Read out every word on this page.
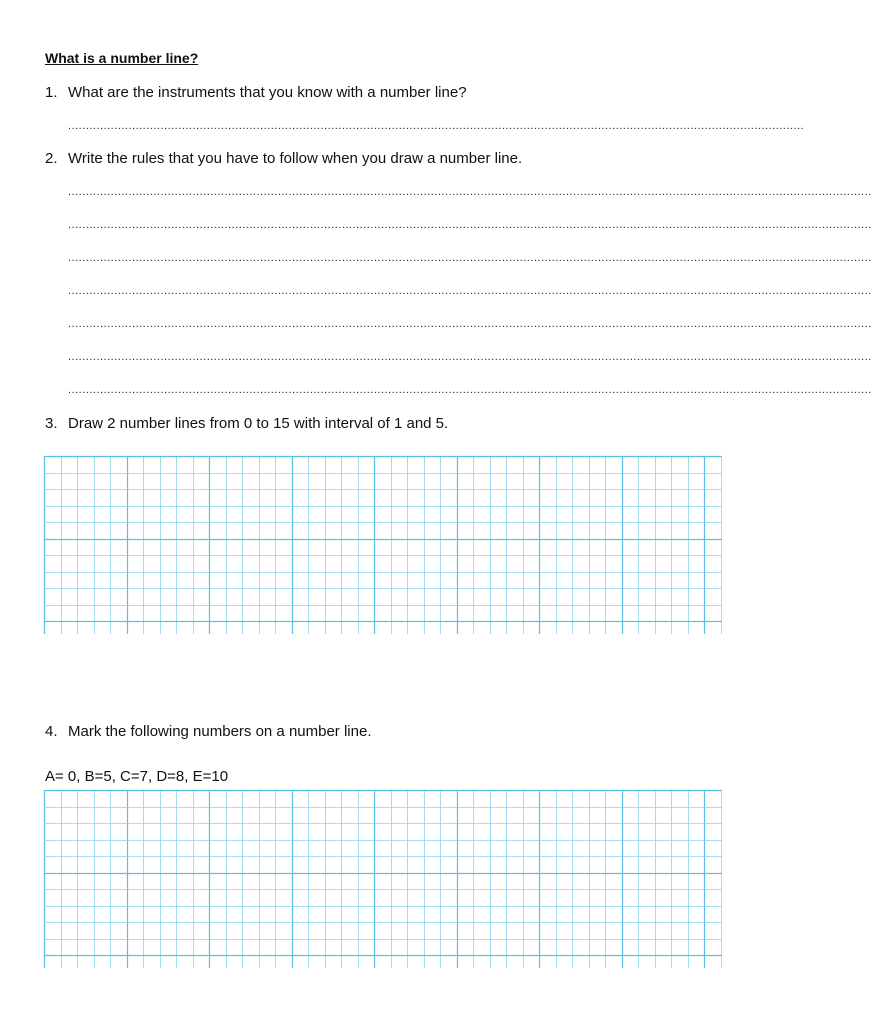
What is a number line?
1. What are the instruments that you know with a number line?
...............................................................................................................................................................................................................
2. Write the rules that you have to follow when you draw a number line.
..................................................................................................................................................................................................................................
..................................................................................................................................................................................................................................
..................................................................................................................................................................................................................................
..................................................................................................................................................................................................................................
..................................................................................................................................................................................................................................
..................................................................................................................................................................................................................................
..................................................................................................................................................................................................................................
3. Draw 2 number lines from 0 to 15 with interval of 1 and 5.
4. Mark the following numbers on a number line.
A= 0, B=5, C=7, D=8, E=10
